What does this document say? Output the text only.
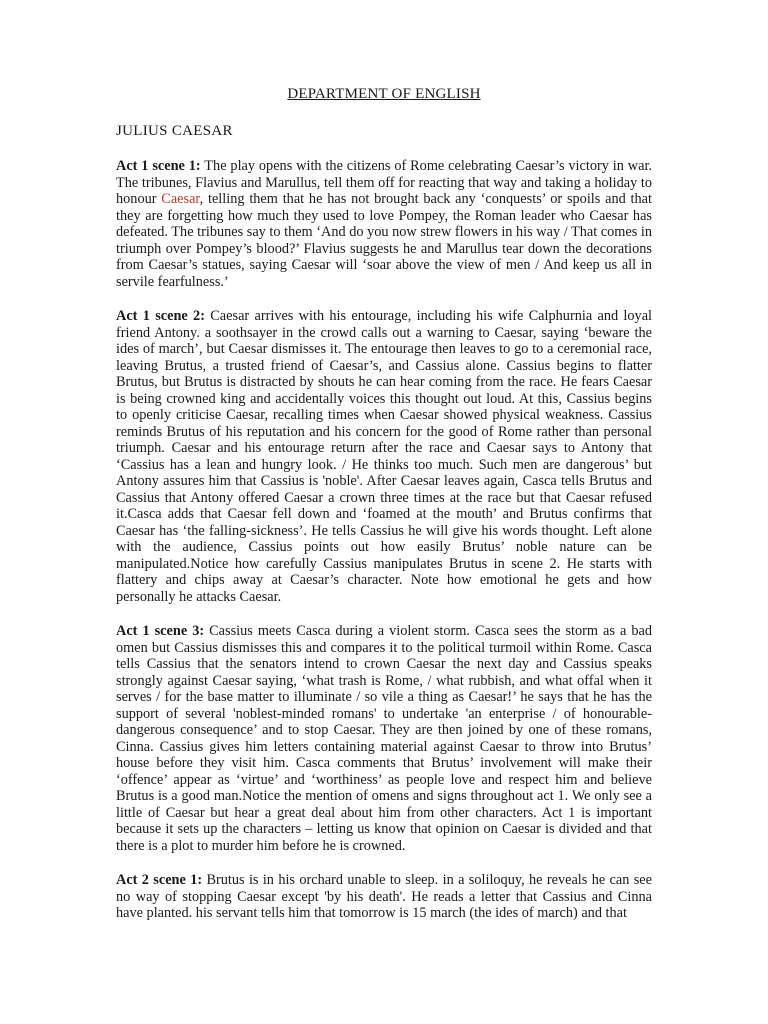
DEPARTMENT OF ENGLISH
JULIUS CAESAR

Act 1 scene 1: The play opens with the citizens of Rome celebrating Caesar’s victory in war. The tribunes, Flavius and Marullus, tell them off for reacting that way and taking a holiday to honour Caesar, telling them that he has not brought back any ‘conquests’ or spoils and that they are forgetting how much they used to love Pompey, the Roman leader who Caesar has defeated. The tribunes say to them ‘And do you now strew flowers in his way / That comes in triumph over Pompey’s blood?’ Flavius suggests he and Marullus tear down the decorations from Caesar’s statues, saying Caesar will ‘soar above the view of men / And keep us all in servile fearfulness.’

Act 1 scene 2: Caesar arrives with his entourage, including his wife Calphurnia and loyal friend Antony. a soothsayer in the crowd calls out a warning to Caesar, saying ‘beware the ides of march’, but Caesar dismisses it. The entourage then leaves to go to a ceremonial race, leaving Brutus, a trusted friend of Caesar’s, and Cassius alone. Cassius begins to flatter Brutus, but Brutus is distracted by shouts he can hear coming from the race. He fears Caesar is being crowned king and accidentally voices this thought out loud. At this, Cassius begins to openly criticise Caesar, recalling times when Caesar showed physical weakness. Cassius reminds Brutus of his reputation and his concern for the good of Rome rather than personal triumph. Caesar and his entourage return after the race and Caesar says to Antony that ‘Cassius has a lean and hungry look. / He thinks too much. Such men are dangerous’ but Antony assures him that Cassius is 'noble'. After Caesar leaves again, Casca tells Brutus and Cassius that Antony offered Caesar a crown three times at the race but that Caesar refused it.Casca adds that Caesar fell down and ‘foamed at the mouth’ and Brutus confirms that Caesar has ‘the falling-sickness’. He tells Cassius he will give his words thought. Left alone with the audience, Cassius points out how easily Brutus’ noble nature can be manipulated.Notice how carefully Cassius manipulates Brutus in scene 2. He starts with flattery and chips away at Caesar’s character. Note how emotional he gets and how personally he attacks Caesar.

Act 1 scene 3: Cassius meets Casca during a violent storm. Casca sees the storm as a bad omen but Cassius dismisses this and compares it to the political turmoil within Rome. Casca tells Cassius that the senators intend to crown Caesar the next day and Cassius speaks strongly against Caesar saying, ‘what trash is Rome, / what rubbish, and what offal when it serves / for the base matter to illuminate / so vile a thing as Caesar!’ he says that he has the support of several 'noblest-minded romans' to undertake 'an enterprise / of honourable-dangerous consequence’ and to stop Caesar. They are then joined by one of these romans, Cinna. Cassius gives him letters containing material against Caesar to throw into Brutus’ house before they visit him. Casca comments that Brutus’ involvement will make their ‘offence’ appear as ‘virtue’ and ‘worthiness’ as people love and respect him and believe Brutus is a good man.Notice the mention of omens and signs throughout act 1. We only see a little of Caesar but hear a great deal about him from other characters. Act 1 is important because it sets up the characters – letting us know that opinion on Caesar is divided and that there is a plot to murder him before he is crowned.

Act 2 scene 1: Brutus is in his orchard unable to sleep. in a soliloquy, he reveals he can see no way of stopping Caesar except 'by his death'. He reads a letter that Cassius and Cinna have planted. his servant tells him that tomorrow is 15 march (the ides of march) and that
